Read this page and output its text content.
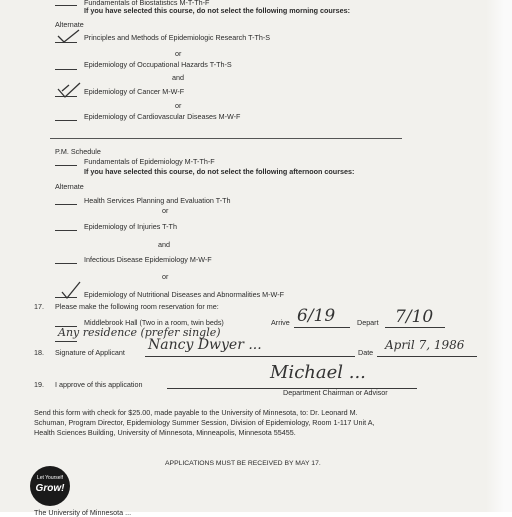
Fundamentals of Biostatistics M-T-Th-F
If you have selected this course, do not select the following morning courses:
Alternate
Principles and Methods of Epidemiologic Research T-Th-S
or
Epidemiology of Occupational Hazards T-Th-S
and
Epidemiology of Cancer M-W-F
or
Epidemiology of Cardiovascular Diseases M-W-F
P.M. Schedule
Fundamentals of Epidemiology M-T-Th-F
If you have selected this course, do not select the following afternoon courses:
Alternate
Health Services Planning and Evaluation T-Th
or
Epidemiology of Injuries T-Th
and
Infectious Disease Epidemiology M-W-F
or
Epidemiology of Nutritional Diseases and Abnormalities M-W-F
17. Please make the following room reservation for me:
Middlebrook Hall (Two in a room, twin beds)	Arrive 6/19	Depart 7/10
Any residence (prefer single)
18. Signature of Applicant Nancy Dwyer ...	Date
April 7, 1986
19. I approve of this application
Michael ...
Department Chairman or Advisor
Send this form with check for $25.00, made payable to the University of Minnesota, to: Dr. Leonard M.
Schuman, Program Director, Epidemiology Summer Session, Division of Epidemiology, Room 1-117 Unit A,
Health Sciences Building, University of Minnesota, Minneapolis, Minnesota 55455.
APPLICATIONS MUST BE RECEIVED BY MAY 17.
Let Yourself
Grow!
The University of Minnesota ...
